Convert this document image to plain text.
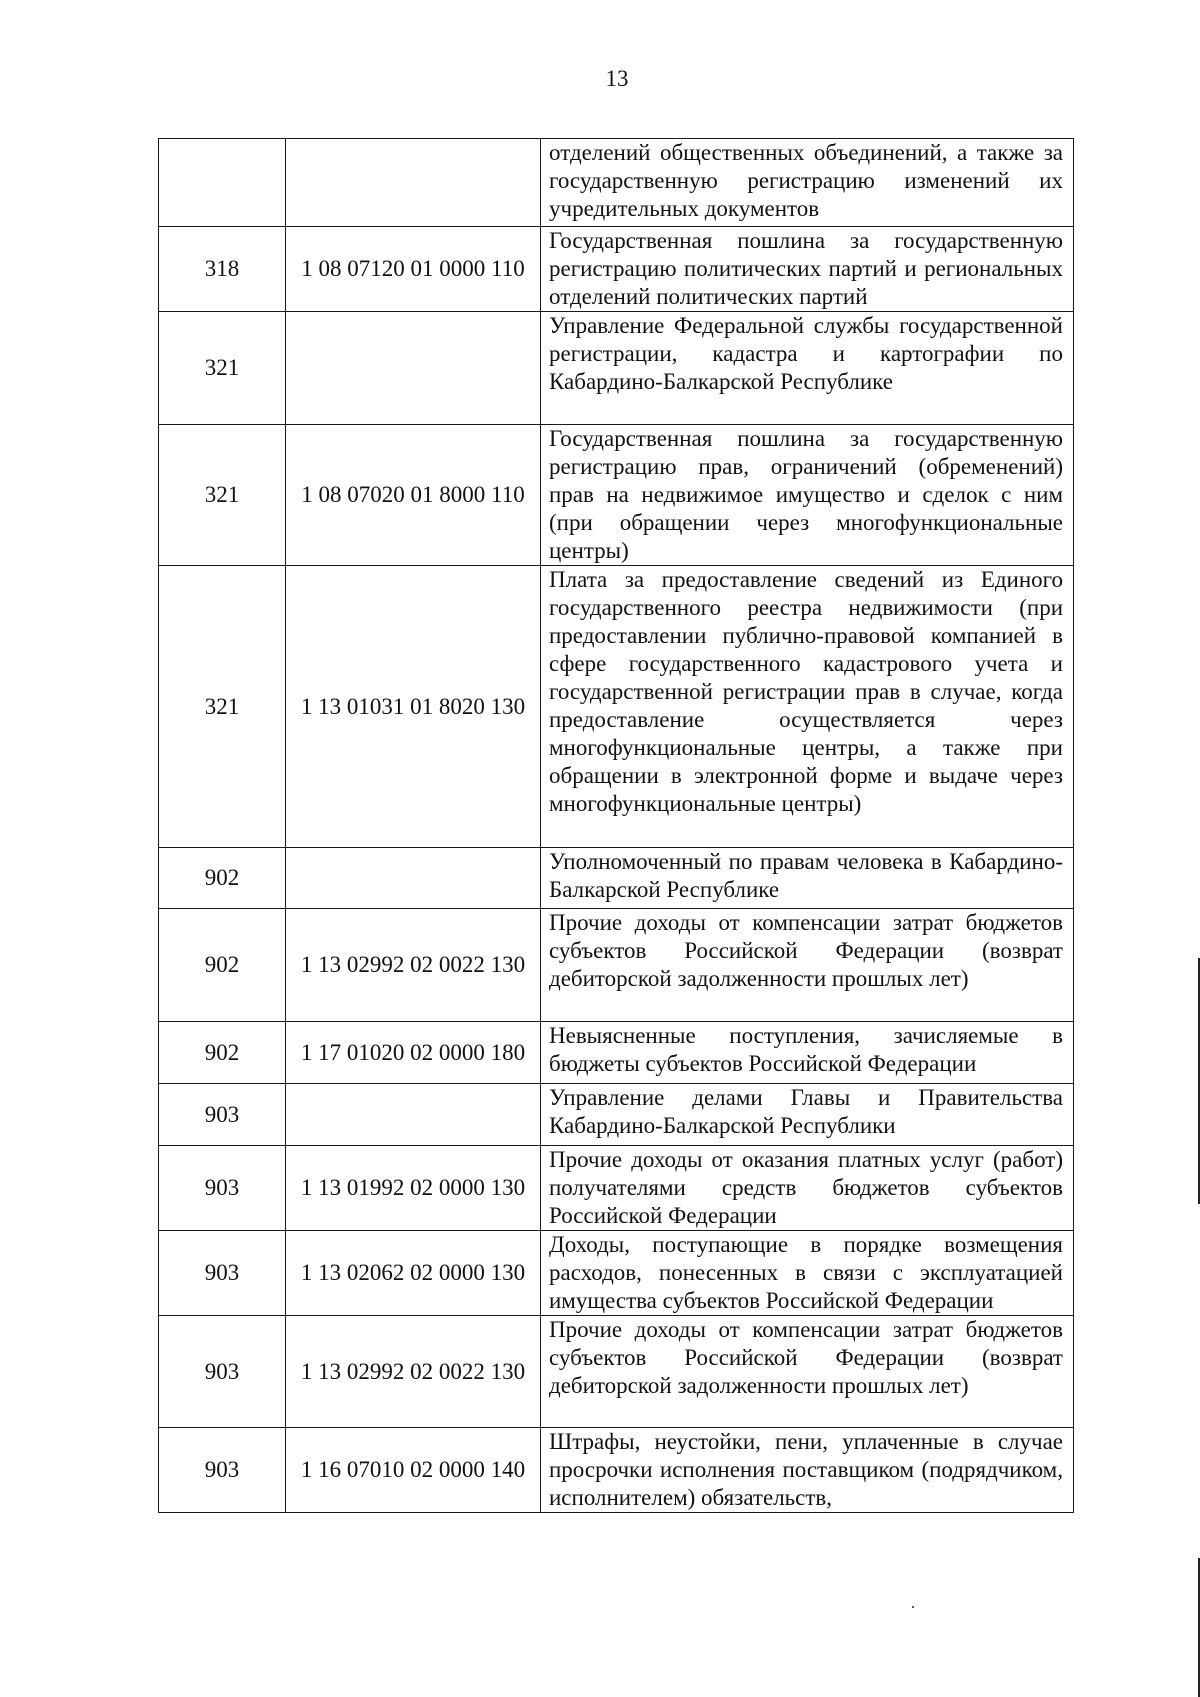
13

		отделений общественных объединений, а также за государственную регистрацию изменений их учредительных документов

318	1 08 07120 01 0000 110	Государственная пошлина за государственную регистрацию политических партий и региональных отделений политических партий

321		Управление Федеральной службы государственной регистрации, кадастра и картографии по Кабардино-Балкарской Республике

321	1 08 07020 01 8000 110	Государственная пошлина за государственную регистрацию прав, ограничений (обременений) прав на недвижимое имущество и сделок с ним (при обращении через многофункциональные центры)

321	1 13 01031 01 8020 130	Плата за предоставление сведений из Единого государственного реестра недвижимости (при предоставлении публично-правовой компанией в сфере государственного кадастрового учета и государственной регистрации прав в случае, когда предоставление осуществляется через многофункциональные центры, а также при обращении в электронной форме и выдаче через многофункциональные центры)

902		Уполномоченный по правам человека в Кабардино-Балкарской Республике

902	1 13 02992 02 0022 130	Прочие доходы от компенсации затрат бюджетов субъектов Российской Федерации (возврат дебиторской задолженности прошлых лет)

902	1 17 01020 02 0000 180	Невыясненные поступления, зачисляемые в бюджеты субъектов Российской Федерации

903		Управление делами Главы и Правительства Кабардино-Балкарской Республики

903	1 13 01992 02 0000 130	Прочие доходы от оказания платных услуг (работ) получателями средств бюджетов субъектов Российской Федерации

903	1 13 02062 02 0000 130	Доходы, поступающие в порядке возмещения расходов, понесенных в связи с эксплуатацией имущества субъектов Российской Федерации

903	1 13 02992 02 0022 130	Прочие доходы от компенсации затрат бюджетов субъектов Российской Федерации (возврат дебиторской задолженности прошлых лет)

903	1 16 07010 02 0000 140	Штрафы, неустойки, пени, уплаченные в случае просрочки исполнения поставщиком (подрядчиком, исполнителем) обязательств,
